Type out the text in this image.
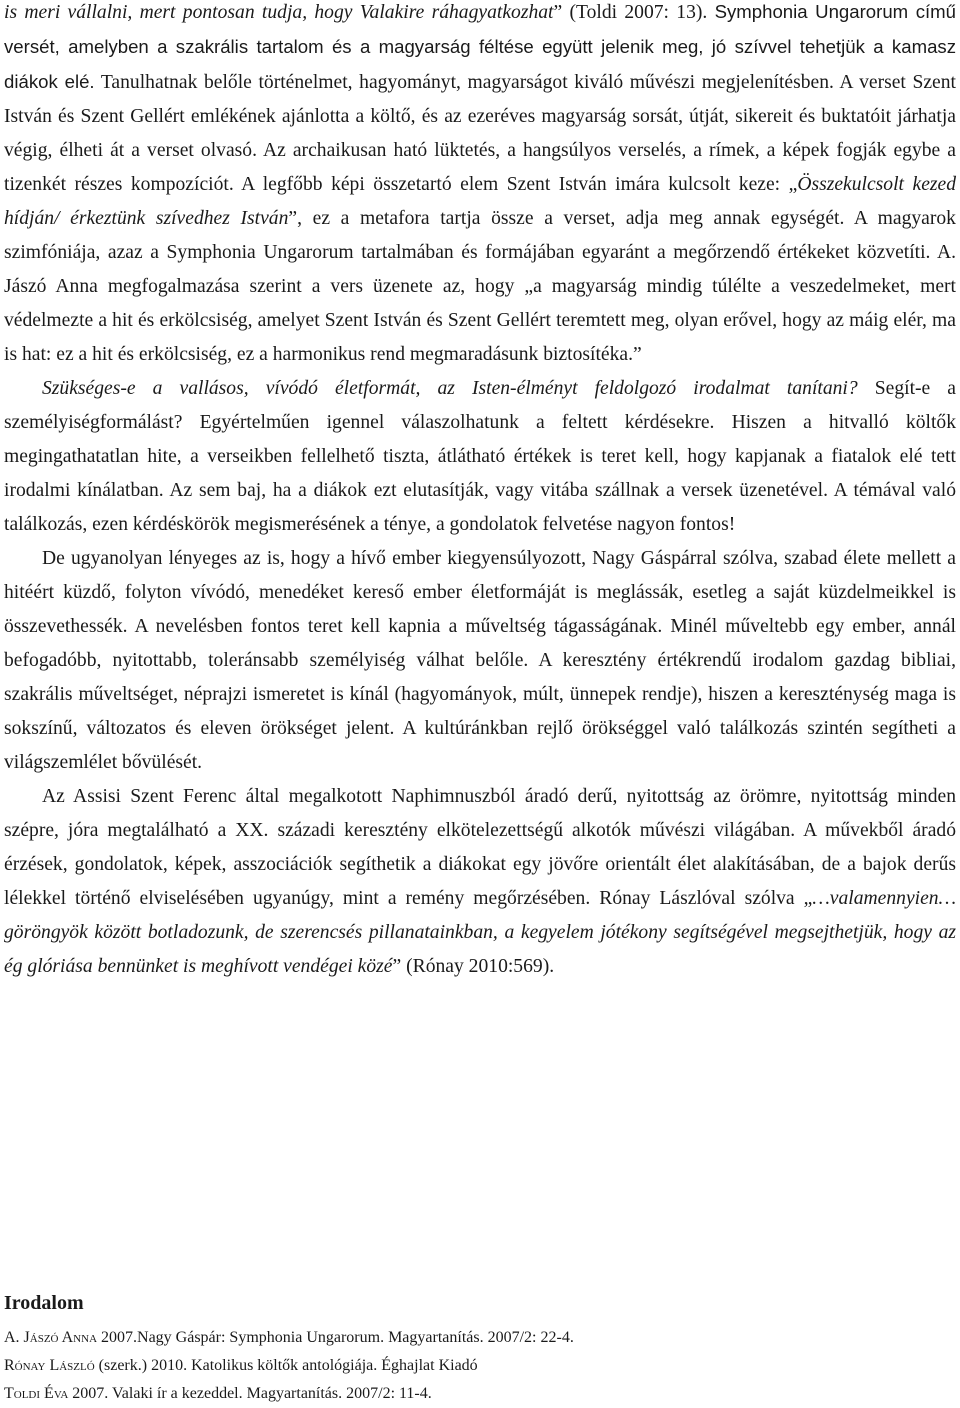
is meri vállalni, mert pontosan tudja, hogy Valakire ráhagyatkozhat” (Toldi 2007: 13). Symphonia Ungarorum című versét, amelyben a szakrális tartalom és a magyarság féltése együtt jelenik meg, jó szívvel tehetjük a kamasz diákok elé. Tanulhatnak belőle történelmet, hagyományt, magyarságot kiváló művészi megjelenítésben. A verset Szent István és Szent Gellért emlékének ajánlotta a költő, és az ezeréves magyarság sorsát, útját, sikereit és buktatóit járhatja végig, élheti át a verset olvasó. Az archaikusan ható lüktetés, a hangsúlyos verselés, a rímek, a képek fogják egybe a tizenkét részes kompozíciót. A legfőbb képi összetartó elem Szent István imára kulcsolt keze: „Összekulcsolt kezed hídján/ érkeztünk szívedhez István”, ez a metafora tartja össze a verset, adja meg annak egységét. A magyarok szimfóniája, azaz a Symphonia Ungarorum tartalmában és formájában egyaránt a megőrzendő értékeket közvetíti. A. Jászó Anna megfogalmazása szerint a vers üzenete az, hogy „a magyarság mindig túlélte a veszedelmeket, mert védelmezte a hit és erkölcsiség, amelyet Szent István és Szent Gellért teremtett meg, olyan erővel, hogy az máig elér, ma is hat: ez a hit és erkölcsiség, ez a harmonikus rend megmaradásunk biztosítéka.”

Szükséges-e a vallásos, vívódó életformát, az Isten-élményt feldolgozó irodalmat tanítani? Segít-e a személyiségformálást? Egyértelműen igennel válaszolhatunk a feltett kérdésekre. Hiszen a hitvalló költők megingathatatlan hite, a verseikben fellelhető tiszta, átlátható értékek is teret kell, hogy kapjanak a fiatalok elé tett irodalmi kínálatban. Az sem baj, ha a diákok ezt elutasítják, vagy vitába szállnak a versek üzenetével. A témával való találkozás, ezen kérdéskörök megismerésének a ténye, a gondolatok felvetése nagyon fontos!

De ugyanolyan lényeges az is, hogy a hívő ember kiegyensúlyozott, Nagy Gáspárral szólva, szabad élete mellett a hitéért küzdő, folyton vívódó, menedéket kereső ember életformáját is meglássák, esetleg a saját küzdelmeikkel is összevethessék. A nevelésben fontos teret kell kapnia a műveltség tágasságának. Minél műveltebb egy ember, annál befogadóbb, nyitottabb, toleránsabb személyiség válhat belőle. A keresztény értékrendű irodalom gazdag bibliai, szakrális műveltséget, néprajzi ismeretet is kínál (hagyományok, múlt, ünnepek rendje), hiszen a kereszténység maga is sokszínű, változatos és eleven örökséget jelent. A kultúránkban rejlő örökséggel való találkozás szintén segítheti a világszemlélet bővülését.

Az Assisi Szent Ferenc által megalkotott Naphimnuszból áradó derű, nyitottság az örömre, nyitottság minden szépre, jóra megtalálható a XX. századi keresztény elkötelezettségű alkotók művészi világában. A művekből áradó érzések, gondolatok, képek, asszociációk segíthetik a diákokat egy jövőre orientált élet alakításában, de a bajok derűs lélekkel történő elviselésében ugyanúgy, mint a remény megőrzésében. Rónay Lászlóval szólva „…valamennyien… göröngyök között botladozunk, de szerencsés pillanatainkban, a kegyelem jótékony segítségével megsejthetjük, hogy az ég glóriása bennünket is meghívott vendégei közé” (Rónay 2010:569).

Irodalom

A. Jászó Anna 2007.Nagy Gáspár: Symphonia Ungarorum. Magyartanítás. 2007/2: 22-4.

Rónay László (szerk.) 2010. Katolikus költők antológiája. Éghajlat Kiadó

Toldi Éva 2007. Valaki ír a kezeddel. Magyartanítás. 2007/2: 11-4.
